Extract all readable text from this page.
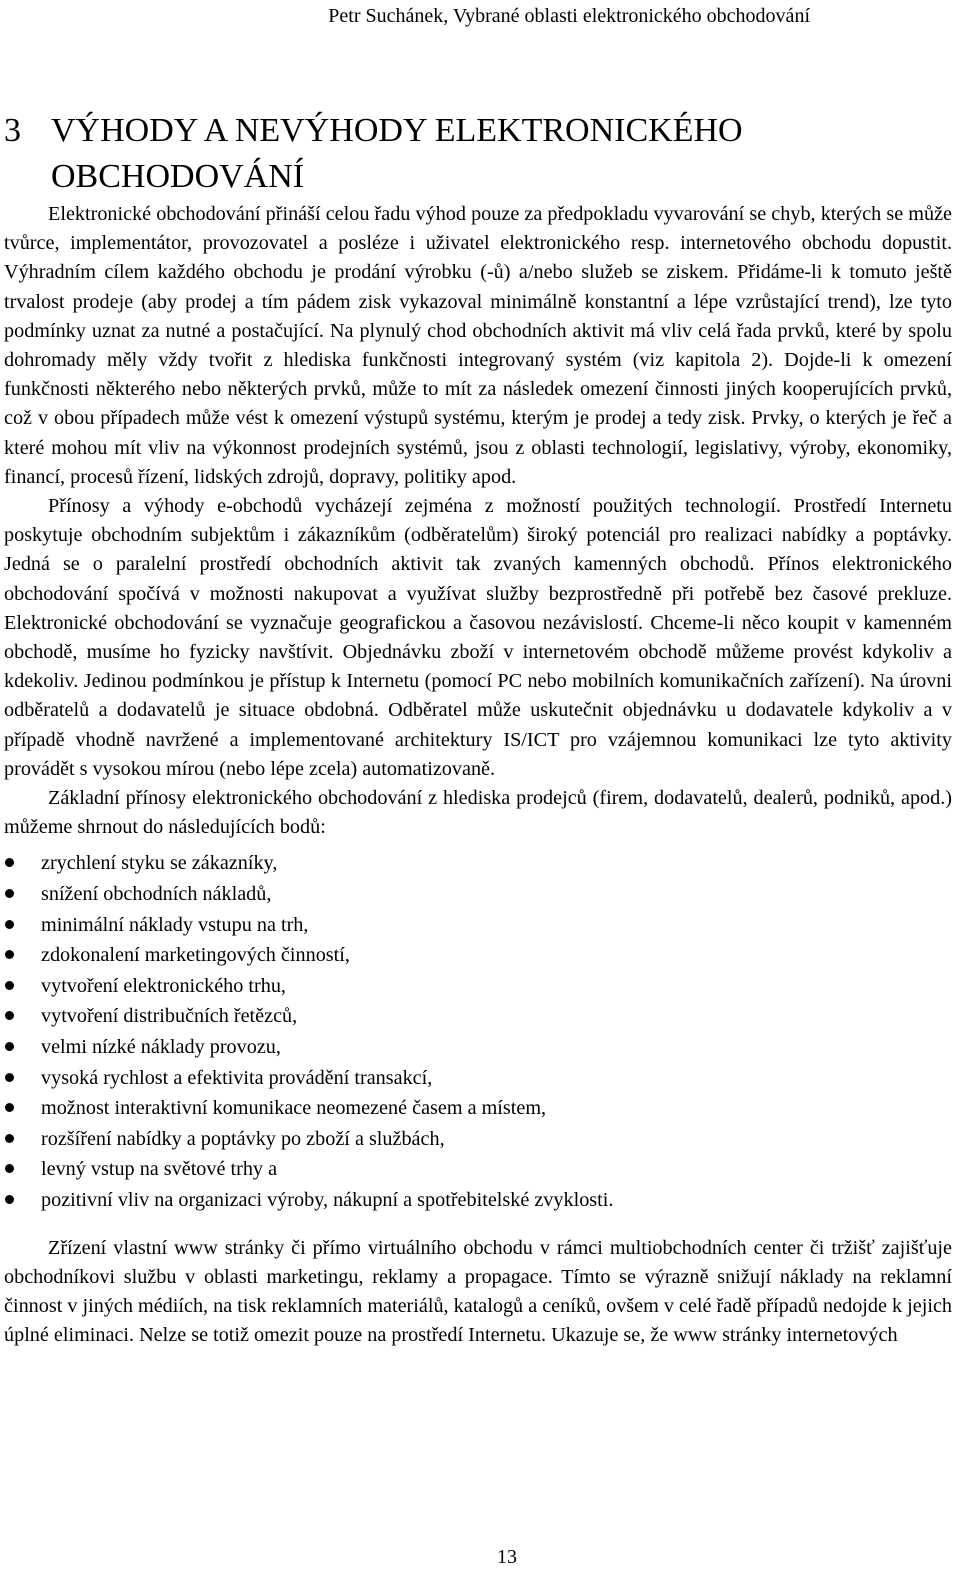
Petr Suchánek, Vybrané oblasti elektronického obchodování
3 VÝHODY A NEVÝHODY ELEKTRONICKÉHO OBCHODOVÁNÍ

Elektronické obchodování přináší celou řadu výhod pouze za předpokladu vyvarování se chyb, kterých se může tvůrce, implementátor, provozovatel a posléze i uživatel elektronického resp. internetového obchodu dopustit. Výhradním cílem každého obchodu je prodání výrobku (-ů) a/nebo služeb se ziskem. Přidáme-li k tomuto ještě trvalost prodeje (aby prodej a tím pádem zisk vykazoval minimálně konstantní a lépe vzrůstající trend), lze tyto podmínky uznat za nutné a postačující. Na plynulý chod obchodních aktivit má vliv celá řada prvků, které by spolu dohromady měly vždy tvořit z hlediska funkčnosti integrovaný systém (viz kapitola 2). Dojde-li k omezení funkčnosti některého nebo některých prvků, může to mít za následek omezení činnosti jiných kooperujících prvků, což v obou případech může vést k omezení výstupů systému, kterým je prodej a tedy zisk. Prvky, o kterých je řeč a které mohou mít vliv na výkonnost prodejních systémů, jsou z oblasti technologií, legislativy, výroby, ekonomiky, financí, procesů řízení, lidských zdrojů, dopravy, politiky apod.

Přínosy a výhody e-obchodů vycházejí zejména z možností použitých technologií. Prostředí Internetu poskytuje obchodním subjektům i zákazníkům (odběratelům) široký potenciál pro realizaci nabídky a poptávky. Jedná se o paralelní prostředí obchodních aktivit tak zvaných kamenných obchodů. Přínos elektronického obchodování spočívá v možnosti nakupovat a využívat služby bezprostředně při potřebě bez časové prekluze. Elektronické obchodování se vyznačuje geografickou a časovou nezávislostí. Chceme-li něco koupit v kamenném obchodě, musíme ho fyzicky navštívit. Objednávku zboží v internetovém obchodě můžeme provést kdykoliv a kdekoliv. Jedinou podmínkou je přístup k Internetu (pomocí PC nebo mobilních komunikačních zařízení). Na úrovni odběratelů a dodavatelů je situace obdobná. Odběratel může uskutečnit objednávku u dodavatele kdykoliv a v případě vhodně navržené a implementované architektury IS/ICT pro vzájemnou komunikaci lze tyto aktivity provádět s vysokou mírou (nebo lépe zcela) automatizovaně.

Základní přínosy elektronického obchodování z hlediska prodejců (firem, dodavatelů, dealerů, podniků, apod.) můžeme shrnout do následujících bodů:

zrychlení styku se zákazníky,
snížení obchodních nákladů,
minimální náklady vstupu na trh,
zdokonalení marketingových činností,
vytvoření elektronického trhu,
vytvoření distribučních řetězců,
velmi nízké náklady provozu,
vysoká rychlost a efektivita provádění transakcí,
možnost interaktivní komunikace neomezené časem a místem,
rozšíření nabídky a poptávky po zboží a službách,
levný vstup na světové trhy a
pozitivní vliv na organizaci výroby, nákupní a spotřebitelské zvyklosti.

Zřízení vlastní www stránky či přímo virtuálního obchodu v rámci multiobchodních center či tržišť zajišťuje obchodníkovi službu v oblasti marketingu, reklamy a propagace. Tímto se výrazně snižují náklady na reklamní činnost v jiných médiích, na tisk reklamních materiálů, katalogů a ceníků, ovšem v celé řadě případů nedojde k jejich úplné eliminaci. Nelze se totiž omezit pouze na prostředí Internetu. Ukazuje se, že www stránky internetových

13
